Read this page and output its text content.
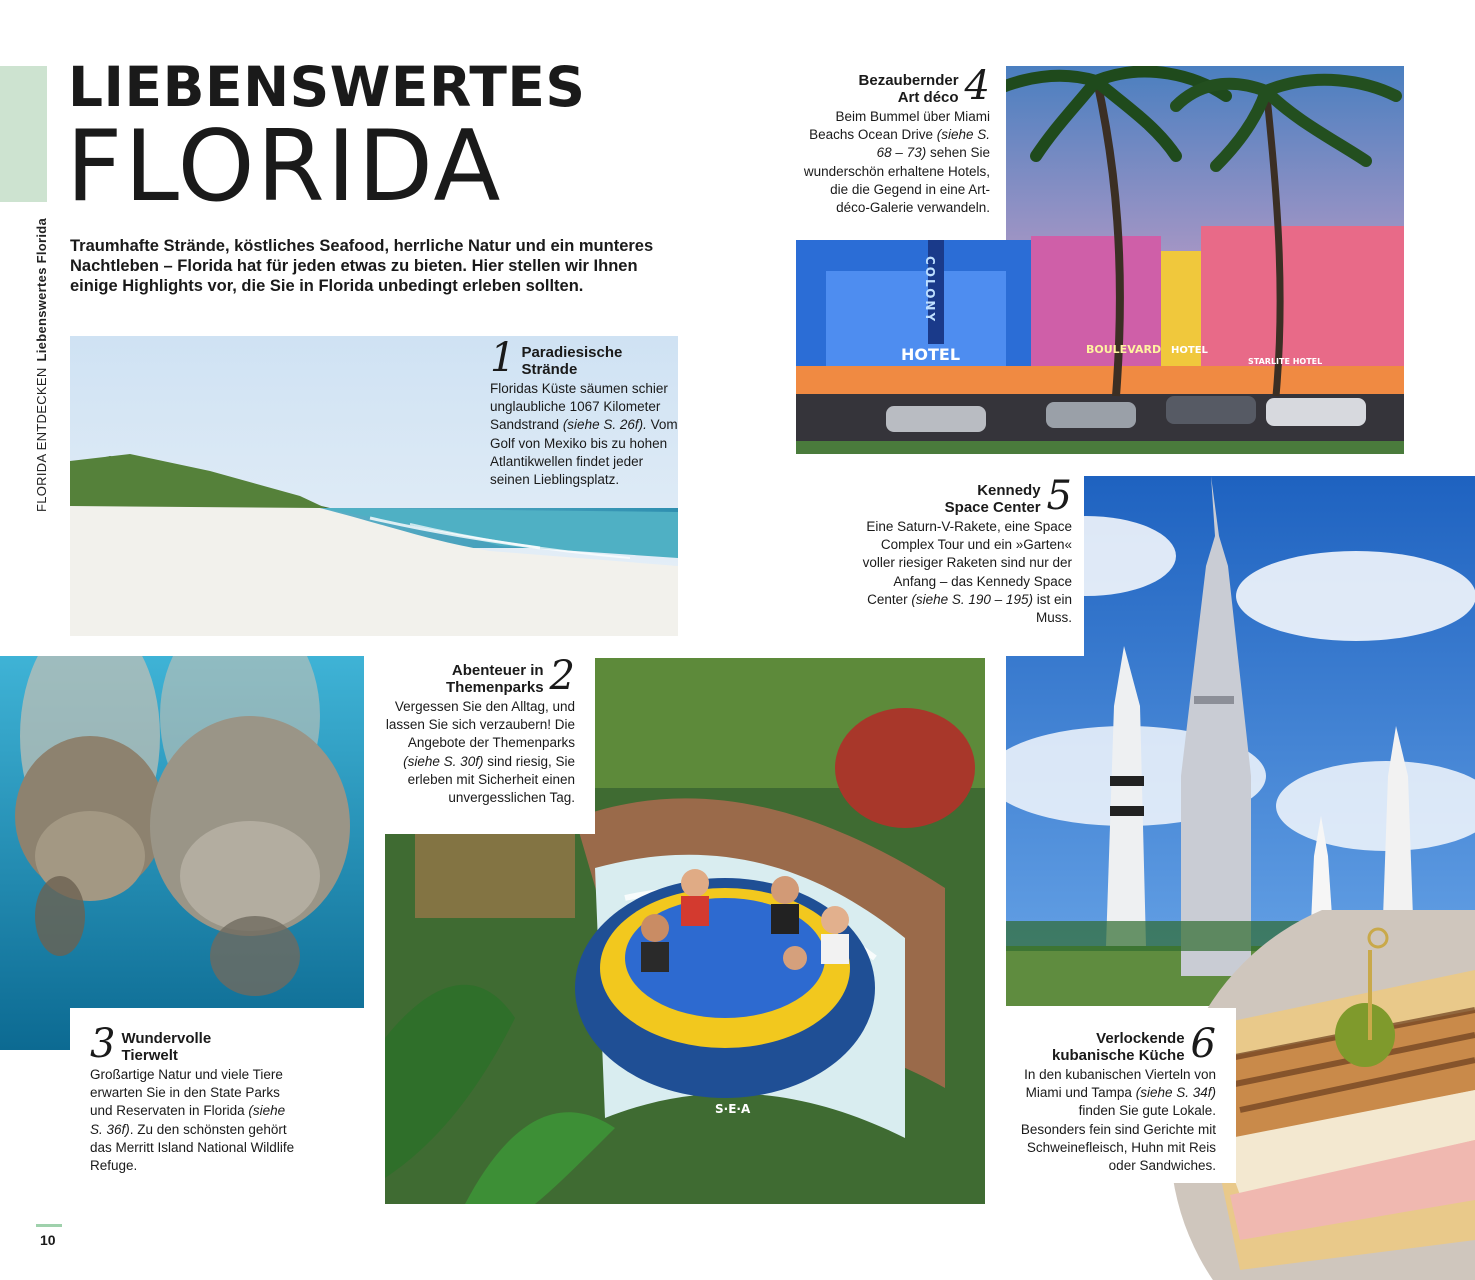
FLORIDA ENTDECKENLiebenswertes Florida
LIEBENSWERTES
FLORIDA

Traumhafte Strände, köstliches Seafood, herrliche Natur und ein munteres Nachtleben – Florida hat für jeden etwas zu bieten. Hier stellen wir Ihnen einige Highlights vor, die Sie in Florida unbedingt erleben sollten.

1 Paradiesische
Strände
Floridas Küste säumen schier unglaubliche 1067 Kilometer Sandstrand (siehe S. 26f). Vom Golf von Mexiko bis zu hohen Atlantikwellen findet jeder seinen Lieblingsplatz.
HOTEL	BOULEVARD HOTEL
STARLITE HOTEL
COLONY
Bezaubernder
Art déco 4
Beim Bummel über Miami Beachs Ocean Drive (siehe S. 68 – 73) sehen Sie wunderschön erhaltene Hotels, die die Gegend in eine Art-déco-Galerie verwandeln.
Kennedy
Space Center 5
Eine Saturn-V-Rakete, eine Space Complex Tour und ein »Garten« voller riesiger Raketen sind nur der Anfang – das Kennedy Space Center (siehe S. 190 – 195) ist ein Muss.
3 Wundervolle
Tierwelt
Großartige Natur und viele Tiere erwarten Sie in den State Parks und Reservaten in Florida (siehe S. 36f). Zu den schönsten gehört das Merritt Island National Wildlife Refuge.
S·E·A
Abenteuer in
Themenparks 2
Vergessen Sie den Alltag, und lassen Sie sich verzaubern! Die Angebote der Themenparks (siehe S. 30f) sind riesig, Sie erleben mit Sicherheit einen unvergesslichen Tag.
Verlockende
kubanische Küche 6
In den kubanischen Vierteln von Miami und Tampa (siehe S. 34f) finden Sie gute Lokale. Besonders fein sind Gerichte mit Schweinefleisch, Huhn mit Reis oder Sandwiches.
10
